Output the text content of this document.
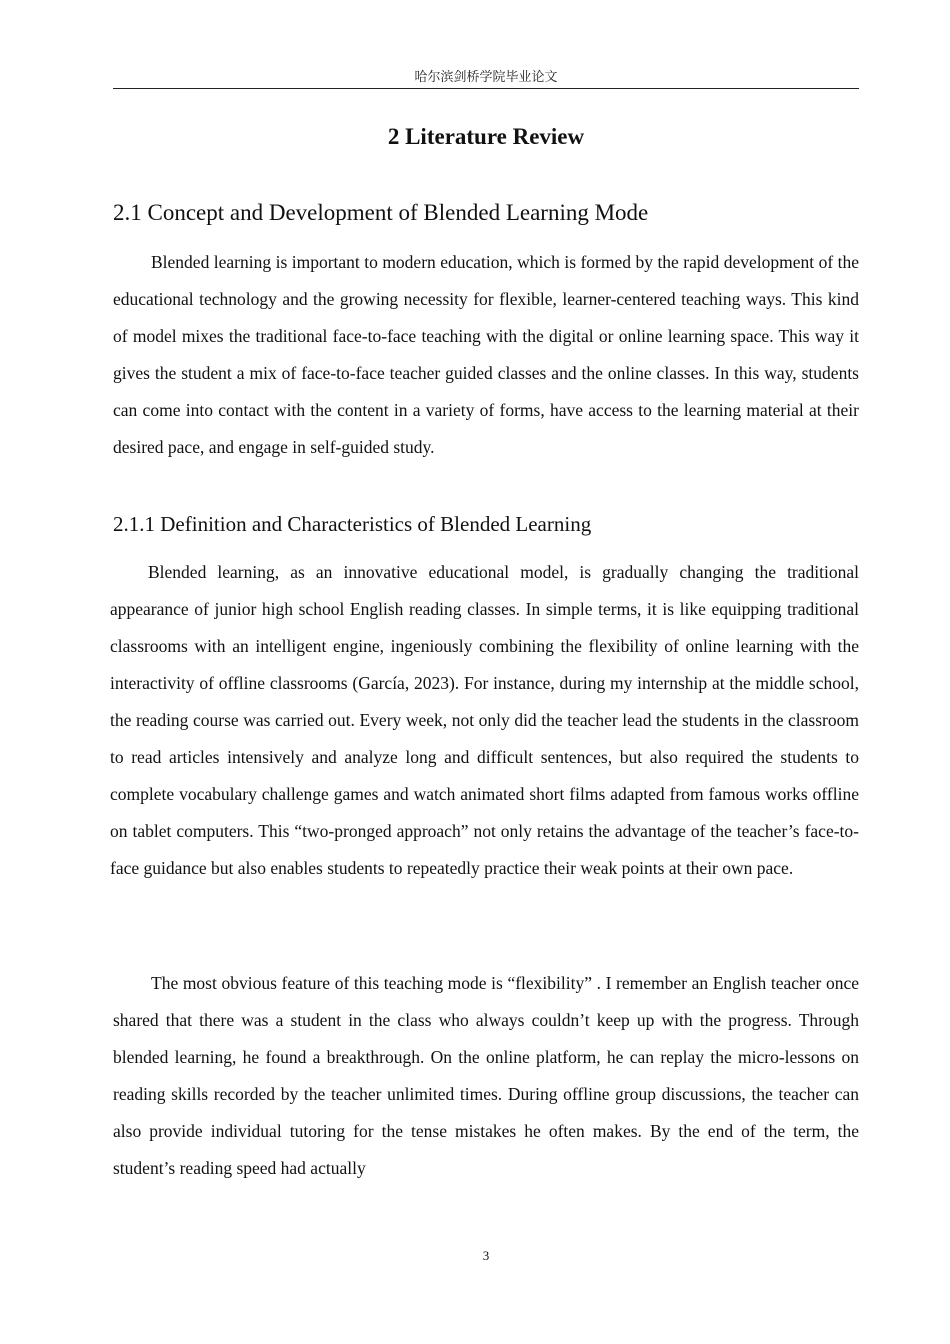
哈尔滨剑桥学院毕业论文
2 Literature Review
2.1 Concept and Development of Blended Learning Mode

Blended learning is important to modern education, which is formed by the rapid development of the educational technology and the growing necessity for flexible, learner-centered teaching ways. This kind of model mixes the traditional face-to-face teaching with the digital or online learning space. This way it gives the student a mix of face-to-face teacher guided classes and the online classes. In this way, students can come into contact with the content in a variety of forms, have access to the learning material at their desired pace, and engage in self-guided study.

2.1.1 Definition and Characteristics of Blended Learning

Blended learning, as an innovative educational model, is gradually changing the traditional appearance of junior high school English reading classes. In simple terms, it is like equipping traditional classrooms with an intelligent engine, ingeniously combining the flexibility of online learning with the interactivity of offline classrooms (García, 2023). For instance, during my internship at the middle school, the reading course was carried out. Every week, not only did the teacher lead the students in the classroom to read articles intensively and analyze long and difficult sentences, but also required the students to complete vocabulary challenge games and watch animated short films adapted from famous works offline on tablet computers. This “two-pronged approach” not only retains the advantage of the teacher’s face-to-face guidance but also enables students to repeatedly practice their weak points at their own pace.

The most obvious feature of this teaching mode is “flexibility” . I remember an English teacher once shared that there was a student in the class who always couldn’t keep up with the progress. Through blended learning, he found a breakthrough. On the online platform, he can replay the micro-lessons on reading skills recorded by the teacher unlimited times. During offline group discussions, the teacher can also provide individual tutoring for the tense mistakes he often makes. By the end of the term, the student’s reading speed had actually

3
